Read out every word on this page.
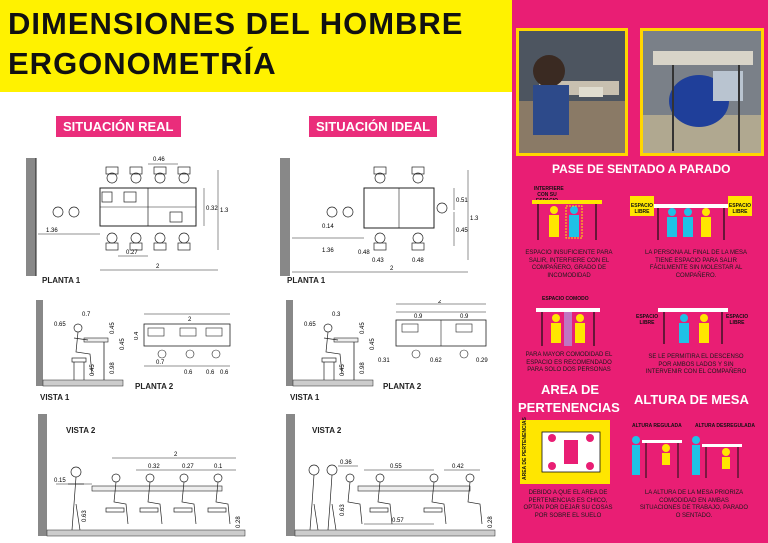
DIMENSIONES DEL HOMBRE
ERGONOMETRÍA
SITUACIÓN REAL	SITUACIÓN IDEAL
0.46
0.32 1.3
1.36
0.27
2
PLANTA 1
0.51
0.14
1.36	0.48
0.43	0.48
0.45
1.3
2
PLANTA 1
0.7
0.65	0.45
0.45
0.98
0.45
VISTA 1
2
0.4
0.7
0.6 0.6 0.6
PLANTA 2
0.3
0.65	0.45
0.45
0.98
0.45
VISTA 1
2
0.9	0.9
0.31	0.62	0.29
PLANTA 2
2
0.32	0.27	0.1
0.15
0.63
0.28
VISTA 2
0.36
0.55	0.42
0.63
0.57	0.28
VISTA 2
PASE DE SENTADO A PARADO
INTERFIERE CON SU
ESPACIO INSUFICIENTE PARA SALIR, INTERFIERE CON EL COMPAÑERO, GRADO DE INCOMODIDAD
ESPACIO LIBRE
ESPACIO LIBRE
LA PERSONA AL FINAL DE LA MESA TIENE ESPACIO PARA SALIR FÁCILMENTE SIN MOLESTAR AL COMPAÑERO.
ESPACIO COMODO
PARA MAYOR COMODIDAD EL ESPACIO ES RECOMENDADO PARA SOLO DOS PERSONAS
ESPACIO LIBRE
ESPACIO LIBRE
SE LE PERMITIRA EL DESCENSO POR AMBOS LADOS Y SIN INTERVENIR CON EL COMPAÑERO
AREA DE
PERTENENCIAS
ALTURA DE MESA
AREA DE PERTENENCIAS	ALTURA REGULADA	ALTURA DESREGULADA
DEBIDO A QUE EL AREA DE PERTENENCIAS ES CHICO, OPTAN POR DEJAR SU COSAS POR SOBRE EL SUELO
LA ALTURA DE LA MESA PRIORIZA COMODIDAD EN AMBAS SITUACIONES DE TRABAJO, PARADO O SENTADO.
